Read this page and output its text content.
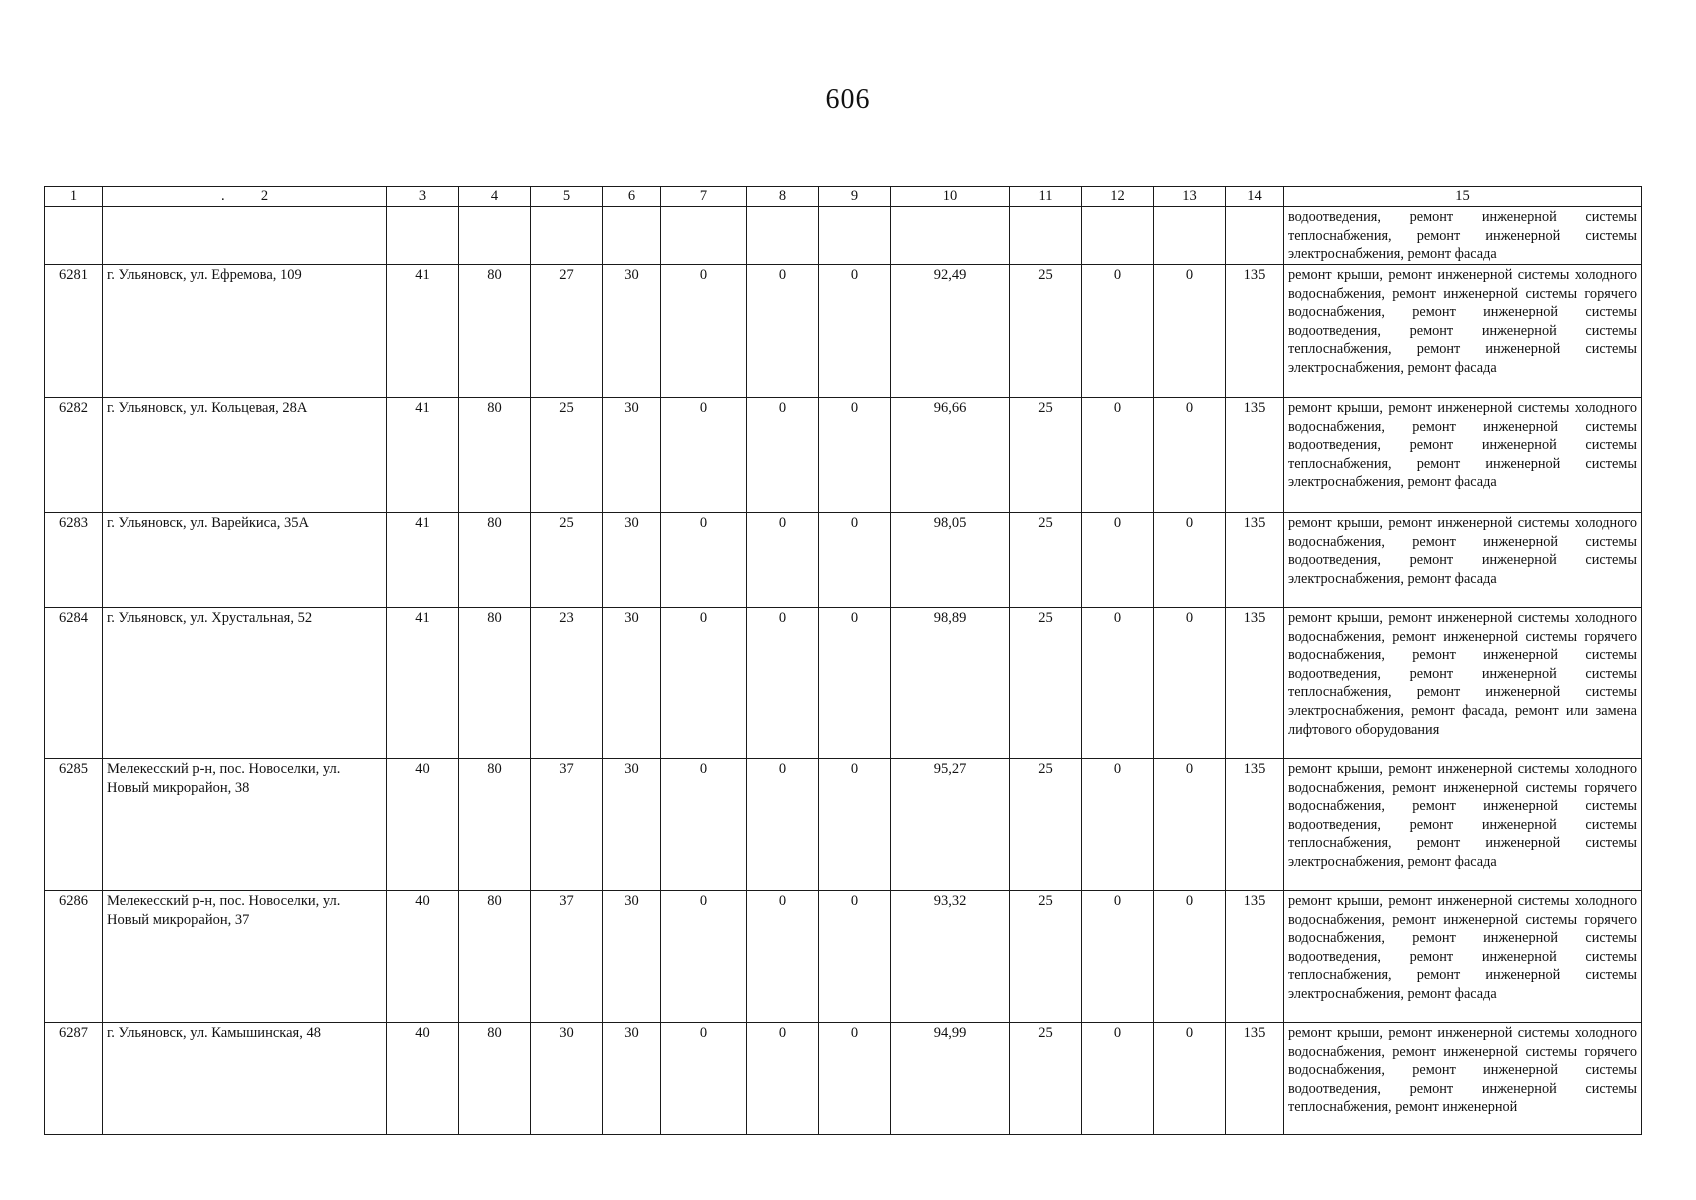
606
1	.          2	3	4	5	6	7	8	9	10	11	12	13	14	15
														водоотведения, ремонт инженерной системы теплоснабжения, ремонт инженерной системы электроснабжения, ремонт фасада
6281	г. Ульяновск, ул. Ефремова, 109	41	80	27	30	0	0	0	92,49	25	0	0	135	ремонт крыши, ремонт инженерной системы холодного водоснабжения, ремонт инженерной системы горячего водоснабжения, ремонт инженерной системы водоотведения, ремонт инженерной системы теплоснабжения, ремонт инженерной системы электроснабжения, ремонт фасада
6282	г. Ульяновск, ул. Кольцевая, 28А	41	80	25	30	0	0	0	96,66	25	0	0	135	ремонт крыши, ремонт инженерной системы холодного водоснабжения, ремонт инженерной системы водоотведения, ремонт инженерной системы теплоснабжения, ремонт инженерной системы электроснабжения, ремонт фасада
6283	г. Ульяновск, ул. Варейкиса, 35А	41	80	25	30	0	0	0	98,05	25	0	0	135	ремонт крыши, ремонт инженерной системы холодного водоснабжения, ремонт инженерной системы водоотведения, ремонт инженерной системы электроснабжения, ремонт фасада
6284	г. Ульяновск, ул. Хрустальная, 52	41	80	23	30	0	0	0	98,89	25	0	0	135	ремонт крыши, ремонт инженерной системы холодного водоснабжения, ремонт инженерной системы горячего водоснабжения, ремонт инженерной системы водоотведения, ремонт инженерной системы теплоснабжения, ремонт инженерной системы электроснабжения, ремонт фасада, ремонт или замена лифтового оборудования
6285	Мелекесский р-н, пос. Новоселки, ул. Новый микрорайон, 38	40	80	37	30	0	0	0	95,27	25	0	0	135	ремонт крыши, ремонт инженерной системы холодного водоснабжения, ремонт инженерной системы горячего водоснабжения, ремонт инженерной системы водоотведения, ремонт инженерной системы теплоснабжения, ремонт инженерной системы электроснабжения, ремонт фасада
6286	Мелекесский р-н, пос. Новоселки, ул. Новый микрорайон, 37	40	80	37	30	0	0	0	93,32	25	0	0	135	ремонт крыши, ремонт инженерной системы холодного водоснабжения, ремонт инженерной системы горячего водоснабжения, ремонт инженерной системы водоотведения, ремонт инженерной системы теплоснабжения, ремонт инженерной системы электроснабжения, ремонт фасада
6287	г. Ульяновск, ул. Камышинская, 48	40	80	30	30	0	0	0	94,99	25	0	0	135	ремонт крыши, ремонт инженерной системы холодного водоснабжения, ремонт инженерной системы горячего водоснабжения, ремонт инженерной системы водоотведения, ремонт инженерной системы теплоснабжения, ремонт инженерной
